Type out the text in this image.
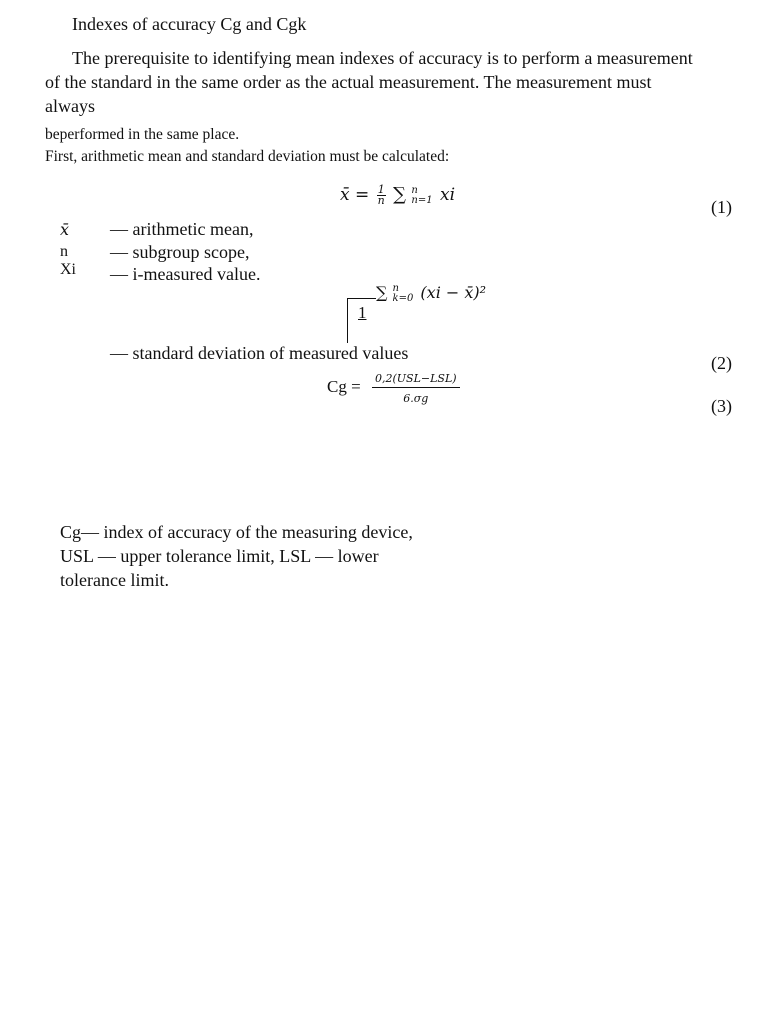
Indexes of accuracy Cg and Cgk
The prerequisite to identifying mean indexes of accuracy is to perform a measurement
of the standard in the same order as the actual measurement. The measurement must
always
beperformed in the same place.
First, arithmetic mean and standard deviation must be calculated:
x̄ = $\frac{1}{n}$ ∑ n
n=1 xi
(1)
x̄ — arithmetic mean,
n — subgroup scope,
Xi — i-measured value.
∑ n
k=0 (xi − x̄)²
1
— standard deviation of measured values	(2)
Cg = 0,2(USL−LSL)
6.σg	(3)
Cg— index of accuracy of the measuring device,
USL — upper tolerance limit, LSL — lower
tolerance limit.
